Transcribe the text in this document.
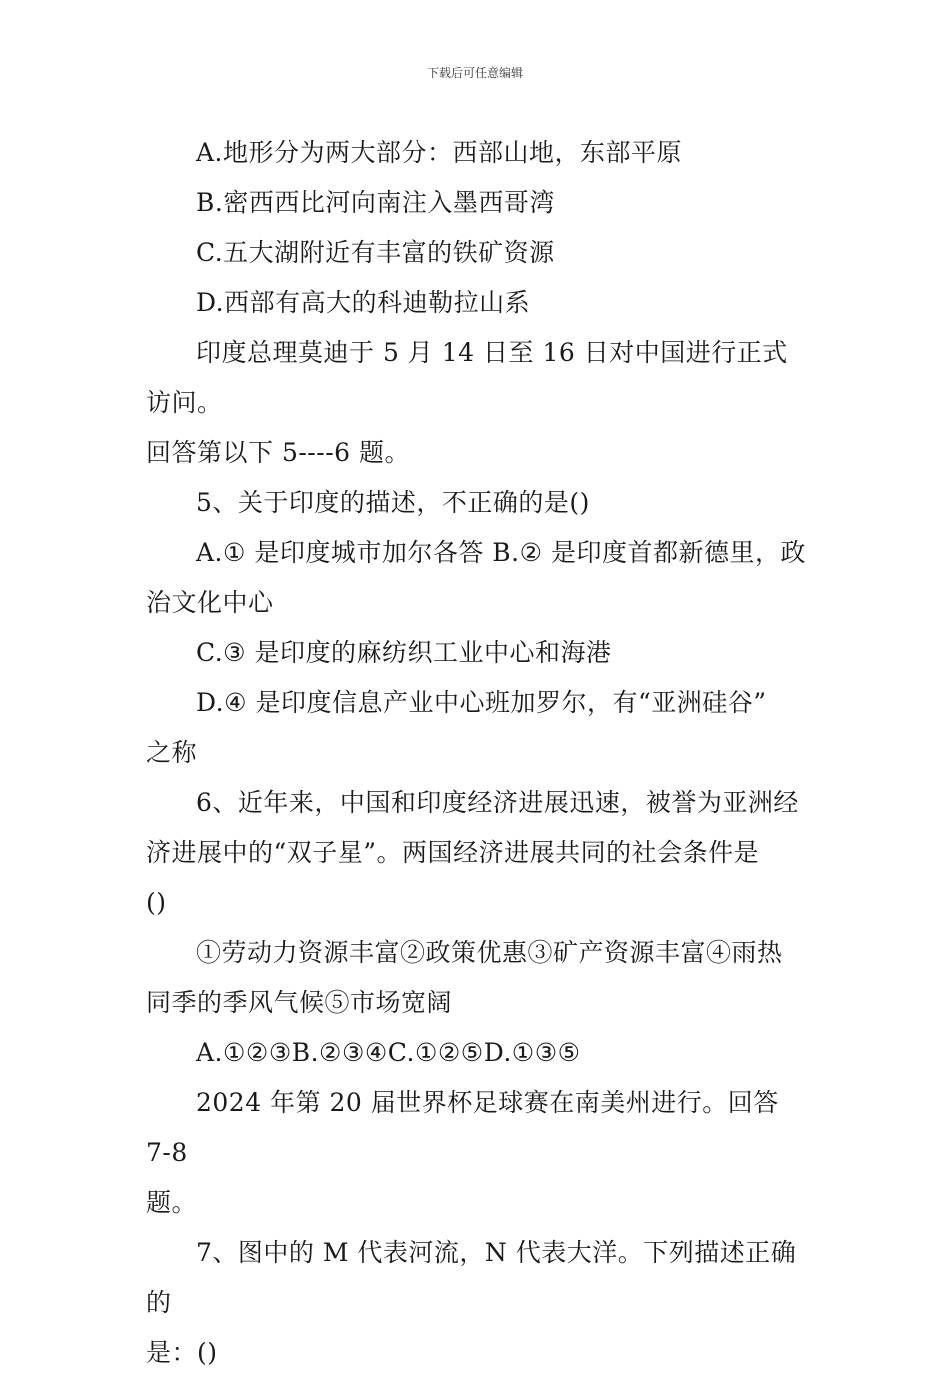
下载后可任意编辑

A.地形分为两大部分：西部山地，东部平原

B.密西西比河向南注入墨西哥湾

C.五大湖附近有丰富的铁矿资源

D.西部有高大的科迪勒拉山系

印度总理莫迪于 5 月 14 日至 16 日对中国进行正式访问。

回答第以下 5----6 题。

5、关于印度的描述，不正确的是()

A.① 是印度城市加尔各答 B.② 是印度首都新德里，政

治文化中心

C.③ 是印度的麻纺织工业中心和海港

D.④ 是印度信息产业中心班加罗尔，有“亚洲硅谷”

之称

6、近年来，中国和印度经济进展迅速，被誉为亚洲经

济进展中的“双子星”。两国经济进展共同的社会条件是

()

①劳动力资源丰富②政策优惠③矿产资源丰富④雨热

同季的季风气候⑤市场宽阔

A.①②③B.②③④C.①②⑤D.①③⑤

2024 年第 20 届世界杯足球赛在南美州进行。回答 7-8

题。

7、图中的 M 代表河流，N 代表大洋。下列描述正确的

是：()
